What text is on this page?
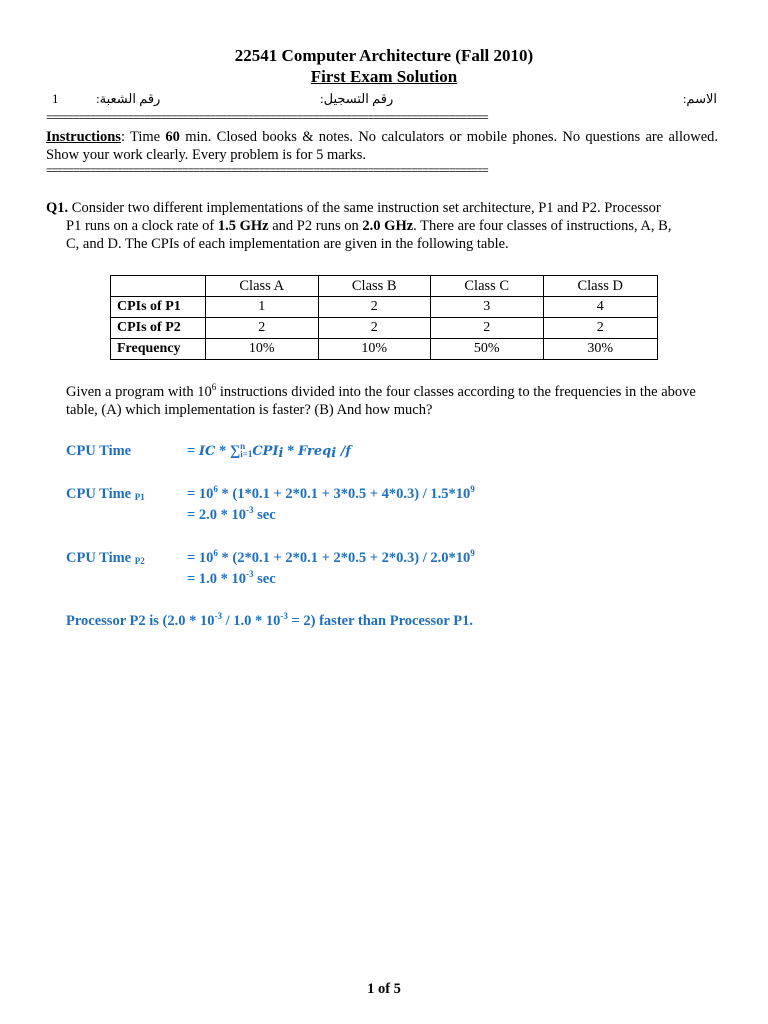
22541 Computer Architecture (Fall 2010)
First Exam Solution
1	رقم الشعبة:	رقم التسجيل:	الاسم:
=================================================================================
Instructions: Time 60 min. Closed books & notes. No calculators or mobile phones. No questions are allowed. Show your work clearly. Every problem is for 5 marks.
=================================================================================
Q1. Consider two different implementations of the same instruction set architecture, P1 and P2. Processor
P1 runs on a clock rate of 1.5 GHz and P2 runs on 2.0 GHz. There are four classes of instructions, A, B,
C, and D. The CPIs of each implementation are given in the following table.
	Class A	Class B	Class C	Class D
CPIs of P1	1	2	3	4
CPIs of P2	2	2	2	2
Frequency	10%	10%	50%	30%
Given a program with $10^6$ instructions divided into the four classes according to the frequencies in the above table, (A) which implementation is faster? (B) And how much?
CPU Time	= IC * $\sum^n_{i=1}CPI_i$ * Freq$_i$ /f
CPU Time $_{P1}$	= $10^6 * (1*0.1 + 2*0.1 + 3*0.5 + 4*0.3) / 1.5*10^9$
= $2.0 * 10^{-3}$ sec
CPU Time $_{P2}$	= $10^6 * (2*0.1 + 2*0.1 + 2*0.5 + 2*0.3) / 2.0*10^9$
= $1.0 * 10^{-3}$ sec
Processor P2 is $(2.0 * 10^{-3} / 1.0 * 10^{-3} = 2)$ faster than Processor P1.
1 of 5
